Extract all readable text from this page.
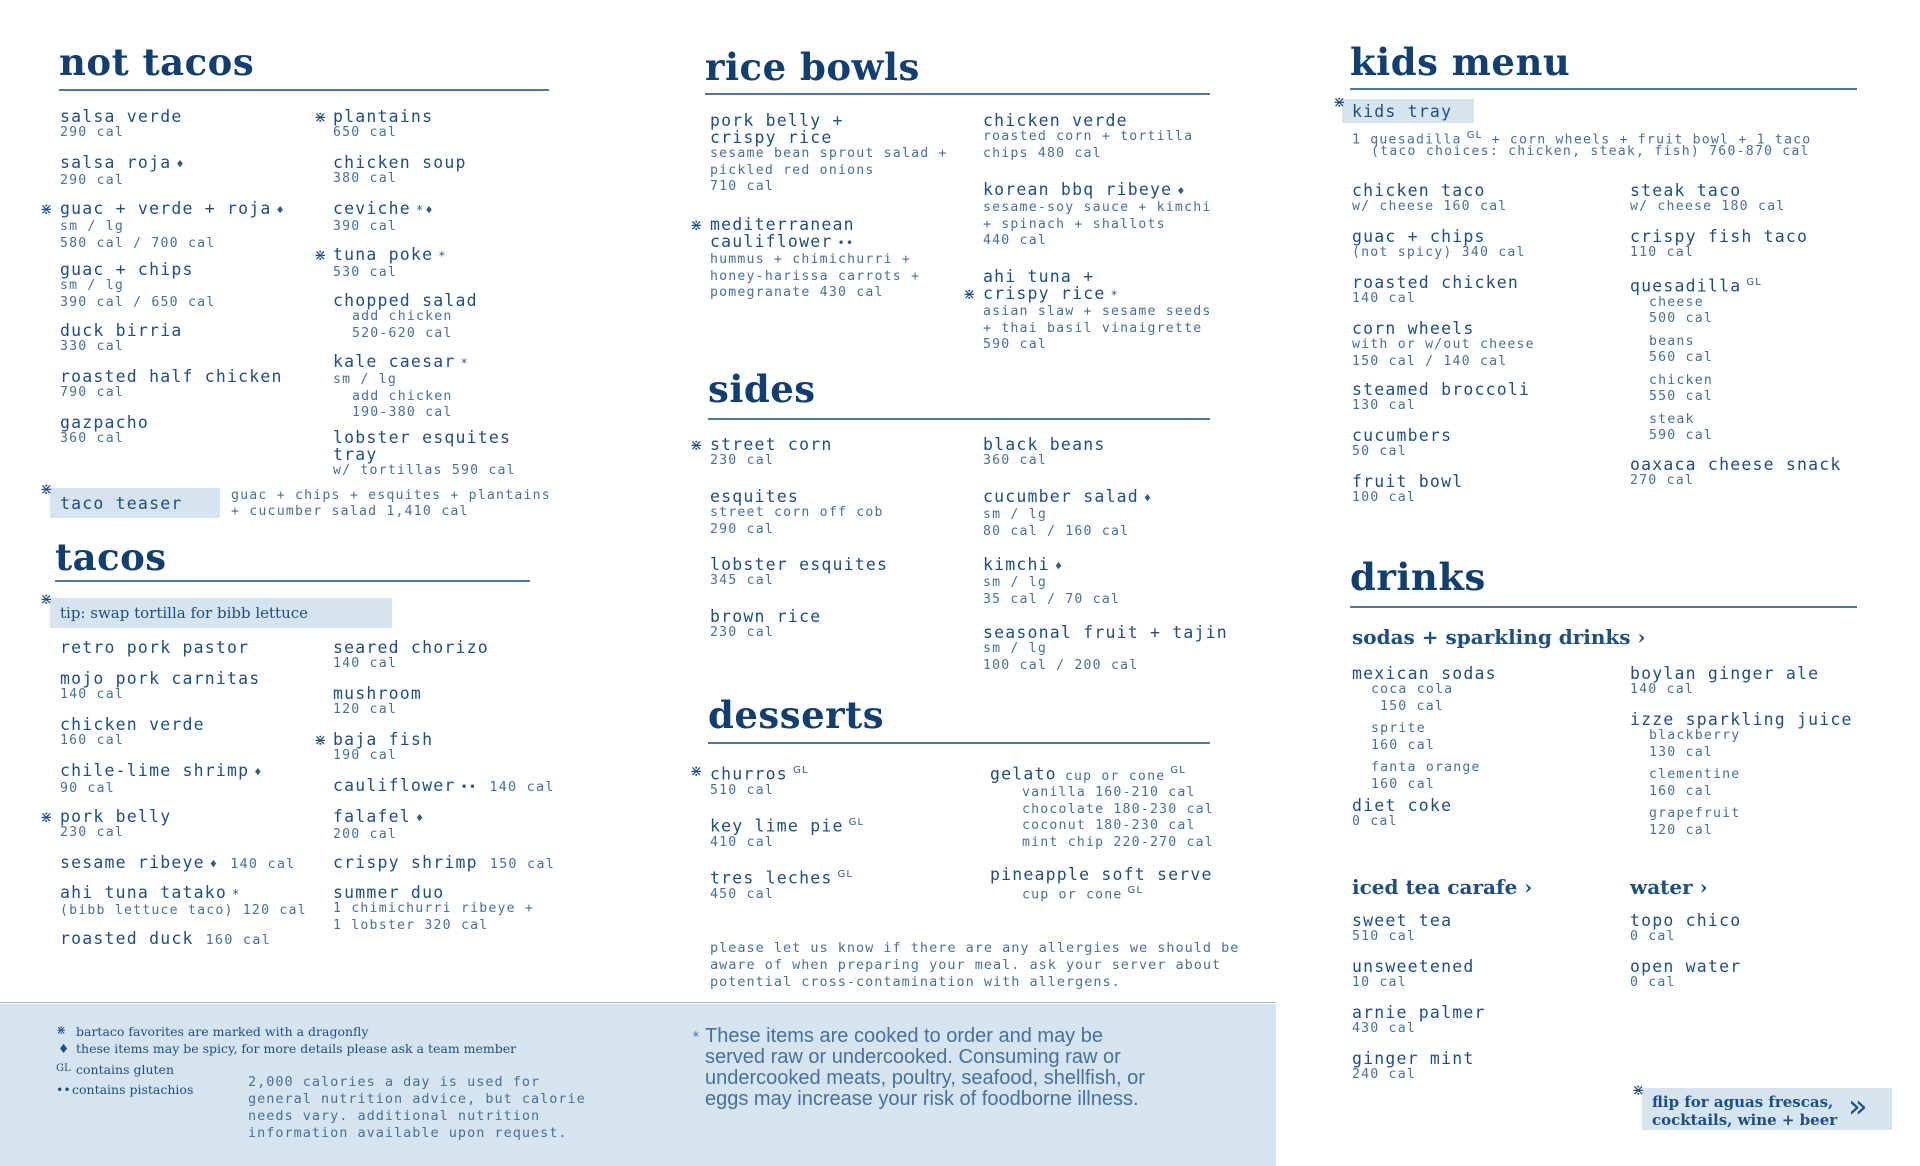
not tacos
salsa verde
290 cal
salsa roja ♦
290 cal
⋇ guac + verde + roja ♦
sm / lg
580 cal / 700 cal
guac + chips
sm / lg
390 cal / 650 cal
duck birria
330 cal
roasted half chicken
790 cal
gazpacho
360 cal
⋇ plantains
650 cal
chicken soup
380 cal
ceviche *♦
390 cal
⋇ tuna poke *
530 cal
chopped salad
add chicken
520-620 cal
kale caesar *
sm / lg
add chicken
190-380 cal
lobster esquites
tray
w/ tortillas 590 cal
⋇
taco teaser	guac + chips + esquites + plantains
+ cucumber salad 1,410 cal
tacos
⋇
tip: swap tortilla for bibb lettuce
retro pork pastor
mojo pork carnitas
140 cal
chicken verde
160 cal
chile-lime shrimp ♦
90 cal
⋇ pork belly
230 cal
sesame ribeye ♦ 140 cal
ahi tuna tatako *
(bibb lettuce taco) 120 cal
roasted duck 160 cal
seared chorizo
140 cal
mushroom
120 cal
⋇ baja fish
190 cal
cauliflower •• 140 cal
falafel ♦
200 cal
crispy shrimp 150 cal
summer duo
1 chimichurri ribeye +
1 lobster 320 cal
rice bowls
pork belly +
crispy rice
sesame bean sprout salad +
pickled red onions
710 cal
⋇ mediterranean
cauliflower ••
hummus + chimichurri +
honey-harissa carrots +
pomegranate 430 cal
chicken verde
roasted corn + tortilla
chips 480 cal
korean bbq ribeye ♦
sesame-soy sauce + kimchi
+ spinach + shallots
440 cal
⋇
ahi tuna +
crispy rice *
asian slaw + sesame seeds
+ thai basil vinaigrette
590 cal
sides
⋇ street corn
230 cal
esquites
street corn off cob
290 cal
lobster esquites
345 cal
brown rice
230 cal
black beans
360 cal
cucumber salad ♦
sm / lg
80 cal / 160 cal
kimchi ♦
sm / lg
35 cal / 70 cal
seasonal fruit + tajin
sm / lg
100 cal / 200 cal
desserts
⋇ churros $^{GL}$
510 cal
key lime pie $^{GL}$
410 cal
tres leches $^{GL}$
450 cal
gelato cup or cone $^{GL}$
vanilla 160-210 cal
chocolate 180-230 cal
coconut 180-230 cal
mint chip 220-270 cal
pineapple soft serve
cup or cone $^{GL}$
please let us know if there are any allergies we should be
aware of when preparing your meal. ask your server about
potential cross-contamination with allergens.
kids menu
⋇ kids tray
1 quesadilla $^{GL}$ + corn wheels + fruit bowl + 1 taco
(taco choices: chicken, steak, fish) 760-870 cal
chicken taco
w/ cheese 160 cal
guac + chips
(not spicy) 340 cal
roasted chicken
140 cal
corn wheels
with or w/out cheese
150 cal / 140 cal
steamed broccoli
130 cal
cucumbers
50 cal
fruit bowl
100 cal
steak taco
w/ cheese 180 cal
crispy fish taco
110 cal
quesadilla $^{GL}$
cheese
500 cal
beans
560 cal
chicken
550 cal
steak
590 cal
oaxaca cheese snack
270 cal
drinks
sodas + sparkling drinks ›
mexican sodas
coca cola
150 cal
sprite
160 cal
fanta orange
160 cal
diet coke
0 cal
boylan ginger ale
140 cal
izze sparkling juice
blackberry
130 cal
clementine
160 cal
grapefruit
120 cal
iced tea carafe ›	water ›
sweet tea
510 cal
unsweetened
10 cal
arnie palmer
430 cal
ginger mint
240 cal
topo chico
0 cal
open water
0 cal
⋇
flip for aguas frescas,
cocktails, wine + beer »
⋇ bartaco favorites are marked with a dragonfly
♦ these items may be spicy, for more details please ask a team member
GL contains gluten
•• contains pistachios	2,000 calories a day is used for
general nutrition advice, but calorie
needs vary. additional nutrition
information available upon request.
* These items are cooked to order and may be
served raw or undercooked. Consuming raw or
undercooked meats, poultry, seafood, shellfish, or
eggs may increase your risk of foodborne illness.
